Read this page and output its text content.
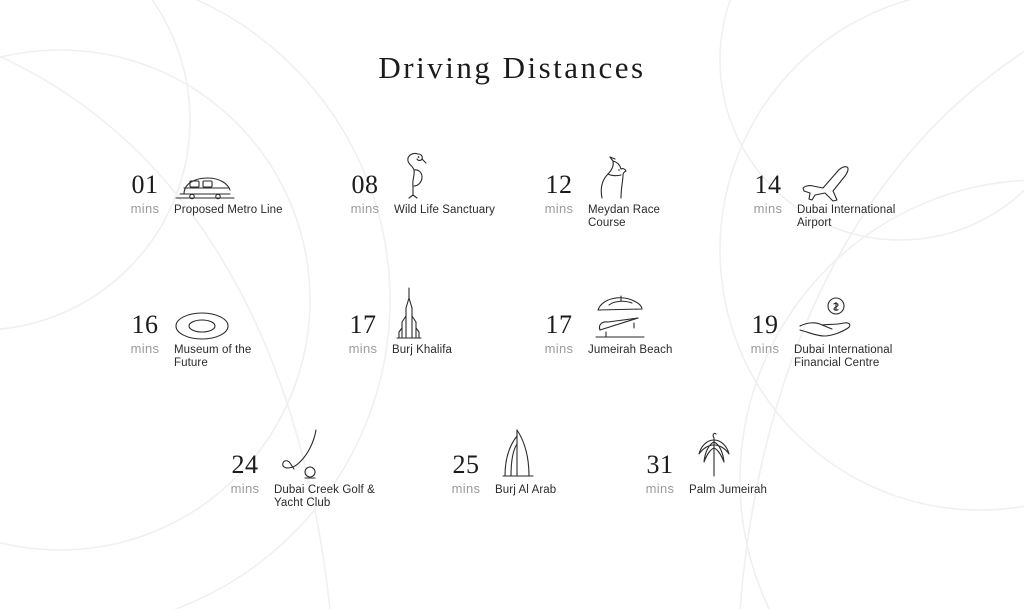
Driving Distances
01
mins Proposed Metro Line
08
mins Wild Life Sanctuary
12
mins Meydan Race Course
14
mins Dubai International Airport
16
mins Museum of the Future
17
mins Burj Khalifa
17
mins Jumeirah Beach
19
mins Dubai International Financial Centre
24
mins Dubai Creek Golf & Yacht Club
25
mins Burj Al Arab
31
mins Palm Jumeirah
